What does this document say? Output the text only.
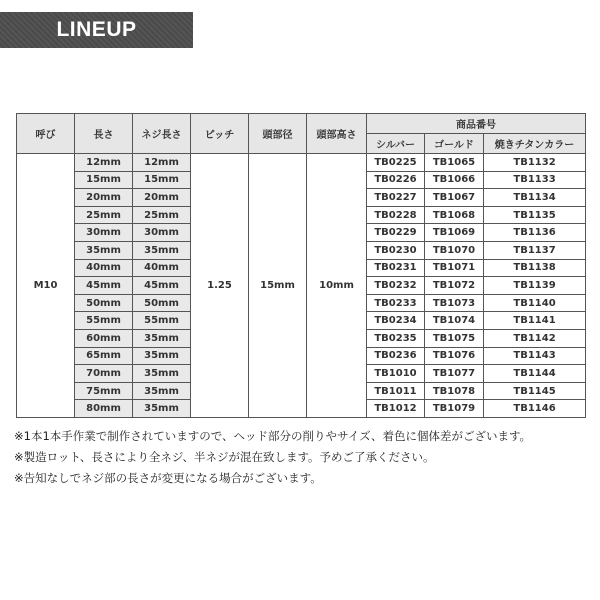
LINEUP
呼び	長さ	ネジ長さ	ピッチ	頭部径	頭部高さ	商品番号		
						シルバー	ゴールド	焼きチタンカラー
M10	12mm	12mm	1.25	15mm	10mm	TB0225	TB1065	TB1132
	15mm	15mm				TB0226	TB1066	TB1133
	20mm	20mm				TB0227	TB1067	TB1134
	25mm	25mm				TB0228	TB1068	TB1135
	30mm	30mm				TB0229	TB1069	TB1136
	35mm	35mm				TB0230	TB1070	TB1137
	40mm	40mm				TB0231	TB1071	TB1138
	45mm	45mm				TB0232	TB1072	TB1139
	50mm	50mm				TB0233	TB1073	TB1140
	55mm	55mm				TB0234	TB1074	TB1141
	60mm	35mm				TB0235	TB1075	TB1142
	65mm	35mm				TB0236	TB1076	TB1143
	70mm	35mm				TB1010	TB1077	TB1144
	75mm	35mm				TB1011	TB1078	TB1145
	80mm	35mm				TB1012	TB1079	TB1146
※1本1本手作業で制作されていますので、ヘッド部分の削りやサイズ、着色に個体差がございます。
※製造ロット、長さにより全ネジ、半ネジが混在致します。予めご了承ください。
※告知なしでネジ部の長さが変更になる場合がございます。
